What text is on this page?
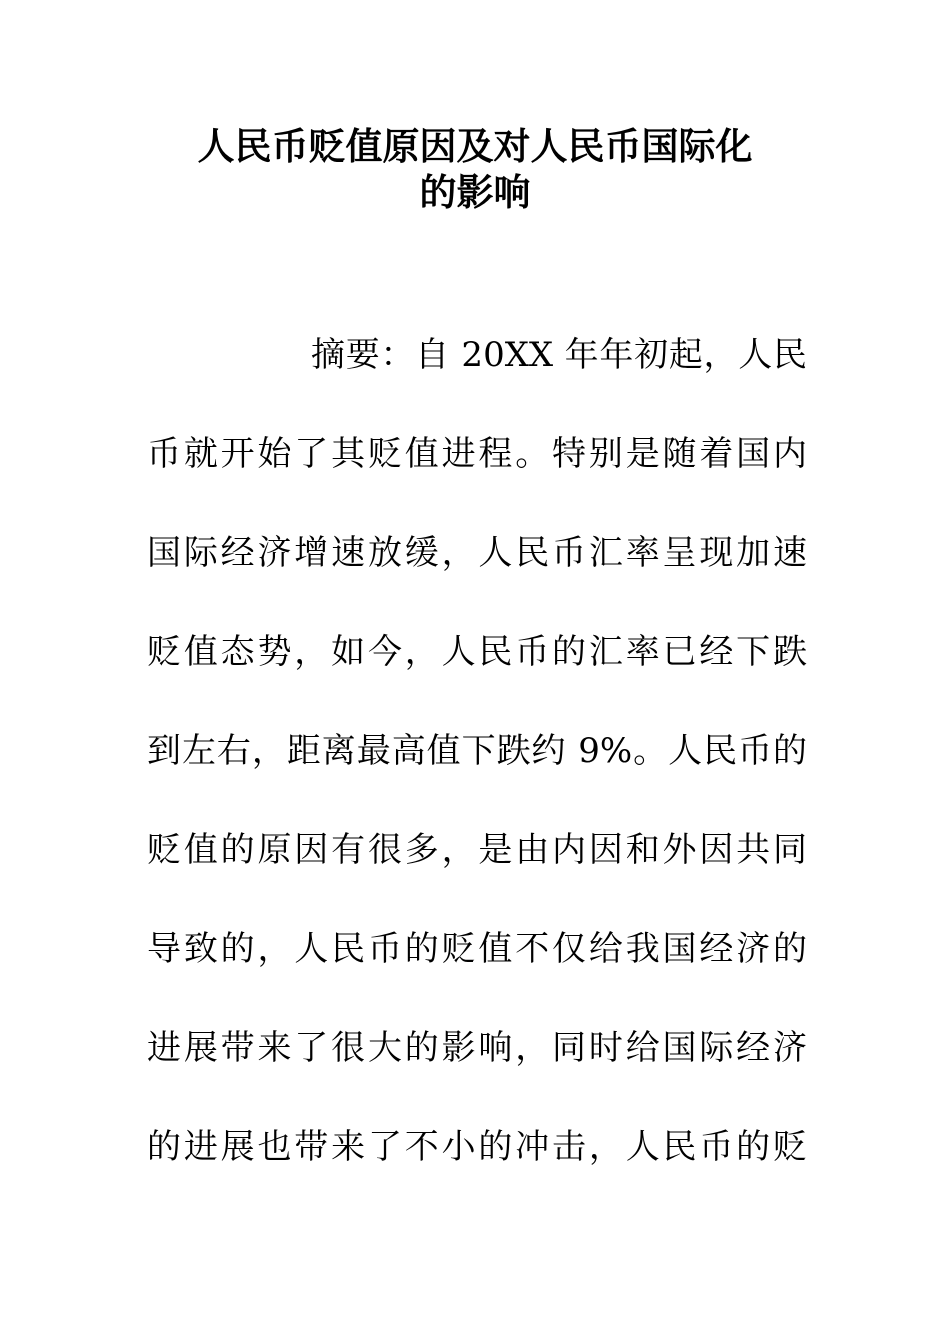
人民币贬值原因及对人民币国际化
的影响
摘要：自 20XX 年年初起，人民
币就开始了其贬值进程。特别是随着国内
国际经济增速放缓，人民币汇率呈现加速
贬值态势，如今，人民币的汇率已经下跌
到左右，距离最高值下跌约 9%。人民币的
贬值的原因有很多，是由内因和外因共同
导致的，人民币的贬值不仅给我国经济的
进展带来了很大的影响，同时给国际经济
的进展也带来了不小的冲击，人民币的贬
